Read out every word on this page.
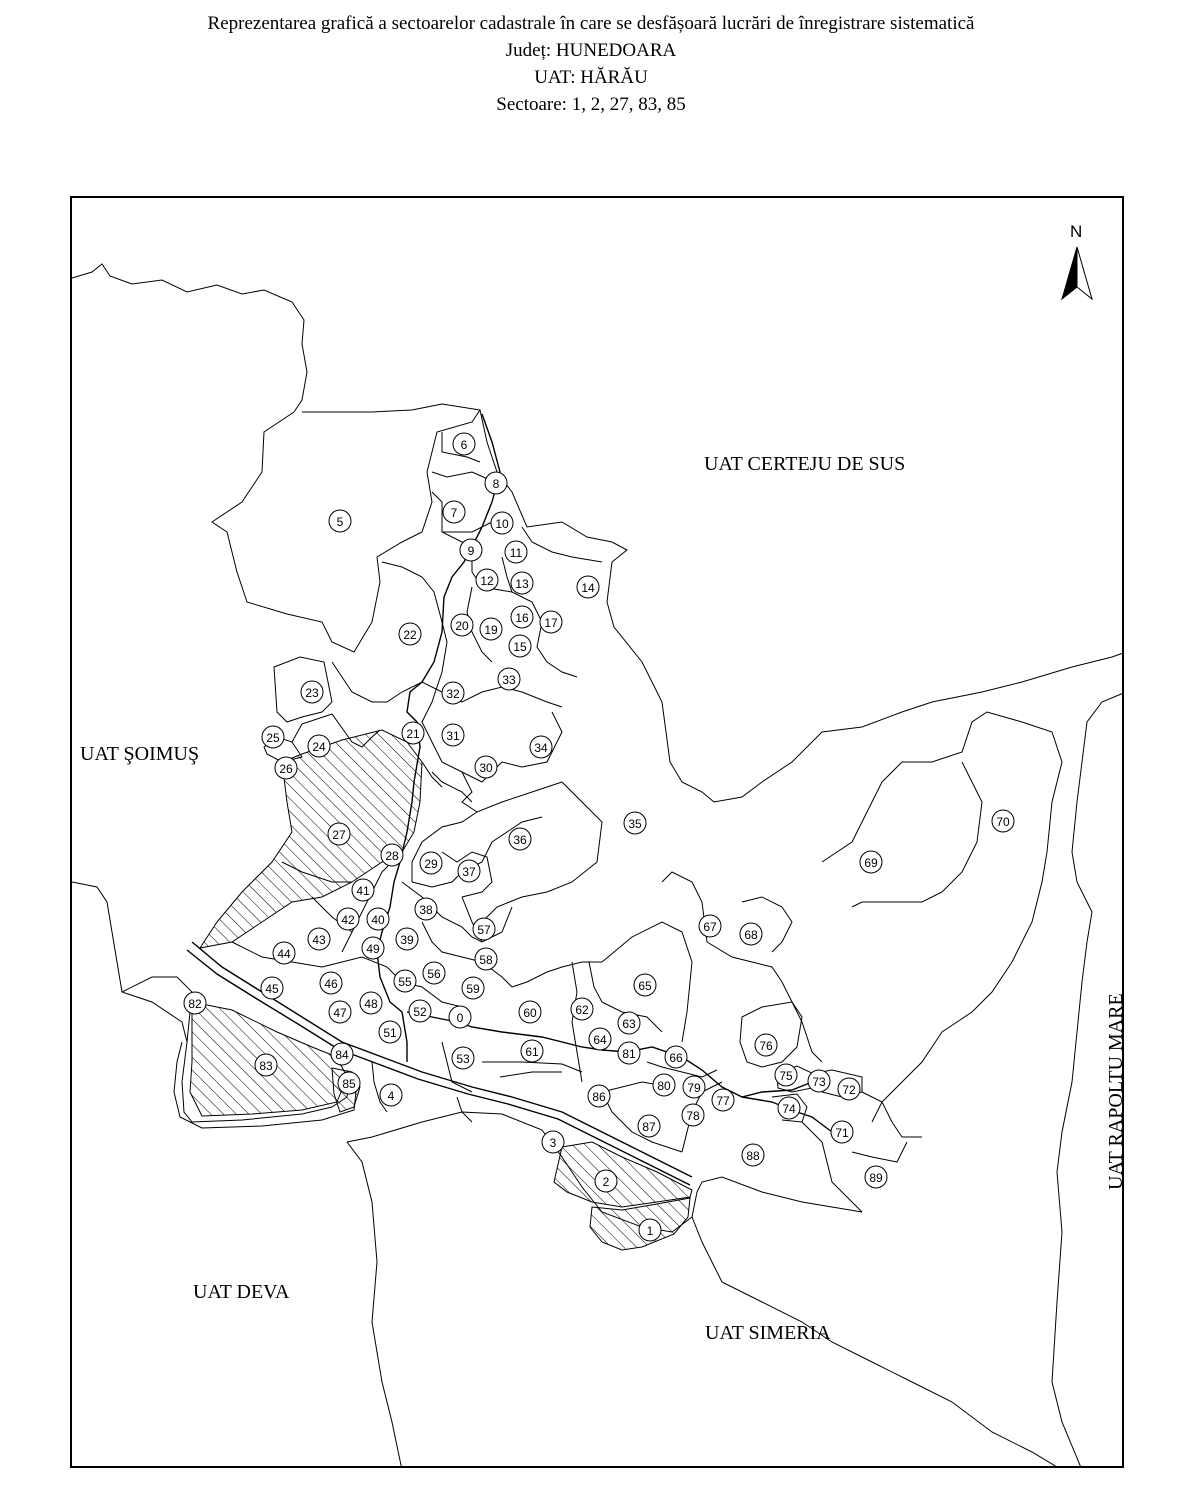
Reprezentarea grafică a sectoarelor cadastrale în care se desfășoară lucrări de înregistrare sistematică
Județ: HUNEDOARA
UAT: HĂRĂU
Sectoare: 1, 2, 27, 83, 85
UAT CERTEJU DE SUS
UAT ŞOIMUŞ
UAT DEVA
UAT SIMERIA
UAT RAPOLTU MARE
N
0
1
2
3
4
5
6
7
8
9
10
11
12 13	14
15
16 17
19
20
21
22
23
24
25
26
27
28
29
30
31
32
33
34
35
36
37
38
39
40
41
42
43
44
45	46
47
48
49
51
52
53
55
56
57
58
59
60
61
62
63
64
65
66
67
68
69
70
71
72
73
74
75
76
77
78
79
80
81
82
83
84
85
86
87
88
89
